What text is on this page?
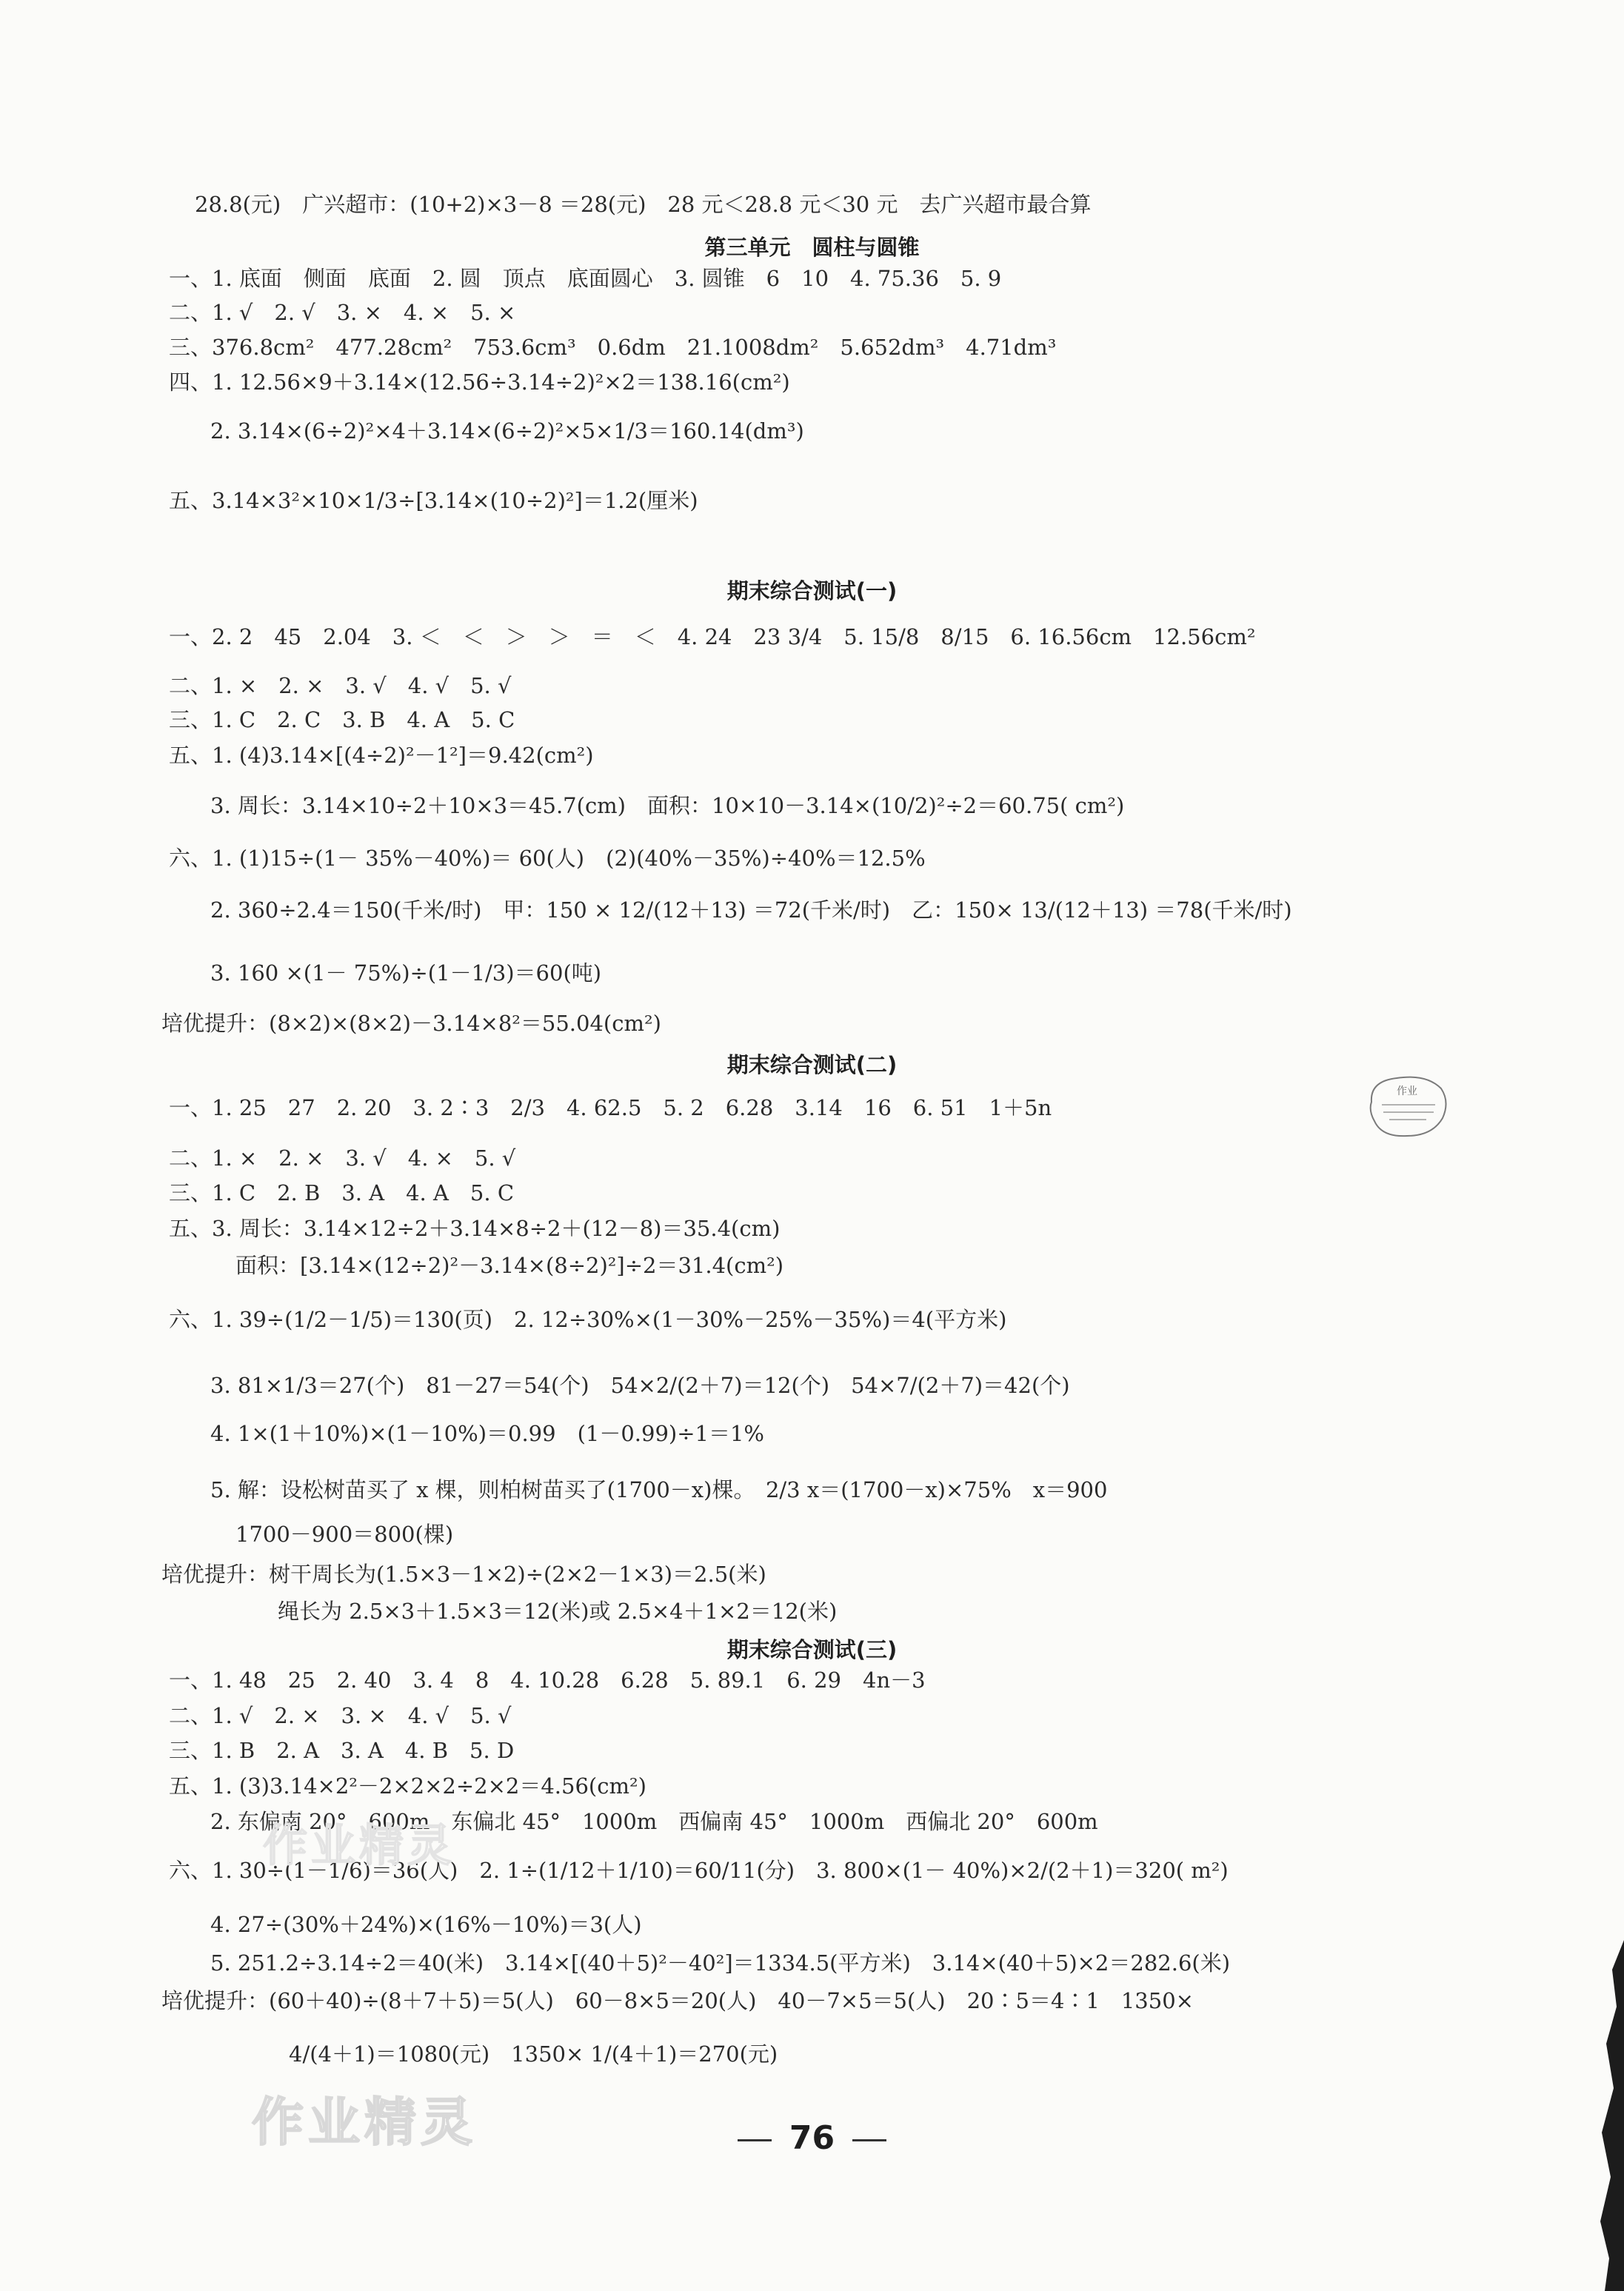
28.8(元)　广兴超市：(10+2)×3－8 ＝28(元)　28 元＜28.8 元＜30 元　去广兴超市最合算
第三单元　圆柱与圆锥
一、1. 底面　侧面　底面　2. 圆　顶点　底面圆心　3. 圆锥　6　10　4. 75.36　5. 9
二、1. √　2. √　3. ×　4. ×　5. ×
三、376.8cm²　477.28cm²　753.6cm³　0.6dm　21.1008dm²　5.652dm³　4.71dm³
四、1. 12.56×9＋3.14×(12.56÷3.14÷2)²×2＝138.16(cm²)
2. 3.14×(6÷2)²×4＋3.14×(6÷2)²×5×1/3＝160.14(dm³)
五、3.14×3²×10×1/3÷[3.14×(10÷2)²]＝1.2(厘米)
期末综合测试(一)
一、2. 2　45　2.04　3. ＜　＜　＞　＞　＝　＜　4. 24　23 3/4　5. 15/8　8/15　6. 16.56cm　12.56cm²
二、1. ×　2. ×　3. √　4. √　5. √
三、1. C　2. C　3. B　4. A　5. C
五、1. (4)3.14×[(4÷2)²－1²]＝9.42(cm²)
3. 周长：3.14×10÷2＋10×3＝45.7(cm)　面积：10×10－3.14×(10/2)²÷2＝60.75( cm²)
六、1. (1)15÷(1－ 35%－40%)＝ 60(人)　(2)(40%－35%)÷40%＝12.5%
2. 360÷2.4＝150(千米/时)　甲：150 × 12/(12＋13) ＝72(千米/时)　乙：150× 13/(12＋13) ＝78(千米/时)
3. 160 ×(1－ 75%)÷(1－1/3)＝60(吨)
培优提升：(8×2)×(8×2)－3.14×8²＝55.04(cm²)
期末综合测试(二)
一、1. 25　27　2. 20　3. 2∶3　2/3　4. 62.5　5. 2　6.28　3.14　16　6. 51　1＋5n
二、1. ×　2. ×　3. √　4. ×　5. √
三、1. C　2. B　3. A　4. A　5. C
五、3. 周长：3.14×12÷2＋3.14×8÷2＋(12－8)＝35.4(cm)
面积：[3.14×(12÷2)²－3.14×(8÷2)²]÷2＝31.4(cm²)
六、1. 39÷(1/2－1/5)＝130(页)　2. 12÷30%×(1－30%－25%－35%)＝4(平方米)
3. 81×1/3＝27(个)　81－27＝54(个)　54×2/(2＋7)＝12(个)　54×7/(2＋7)＝42(个)
4. 1×(1＋10%)×(1－10%)＝0.99　(1－0.99)÷1＝1%
5. 解：设松树苗买了 x 棵，则柏树苗买了(1700－x)棵。　2/3 x＝(1700－x)×75%　x＝900
1700－900＝800(棵)
培优提升：树干周长为(1.5×3－1×2)÷(2×2－1×3)＝2.5(米)
绳长为 2.5×3＋1.5×3＝12(米)或 2.5×4＋1×2＝12(米)
期末综合测试(三)
一、1. 48　25　2. 40　3. 4　8　4. 10.28　6.28　5. 89.1　6. 29　4n－3
二、1. √　2. ×　3. ×　4. √　5. √
三、1. B　2. A　3. A　4. B　5. D
五、1. (3)3.14×2²－2×2×2÷2×2＝4.56(cm²)
2. 东偏南 20°　600m　东偏北 45°　1000m　西偏南 45°　1000m　西偏北 20°　600m
六、1. 30÷(1－1/6)＝36(人)　2. 1÷(1/12＋1/10)＝60/11(分)　3. 800×(1－ 40%)×2/(2＋1)＝320( m²)
4. 27÷(30%＋24%)×(16%－10%)＝3(人)
5. 251.2÷3.14÷2＝40(米)　3.14×[(40＋5)²－40²]＝1334.5(平方米)　3.14×(40＋5)×2＝282.6(米)
培优提升：(60＋40)÷(8＋7＋5)＝5(人)　60－8×5＝20(人)　40－7×5＝5(人)　20∶5＝4∶1　1350×
4/(4＋1)＝1080(元)　1350× 1/(4＋1)＝270(元)
作业精灵
作业精灵
作业
76
